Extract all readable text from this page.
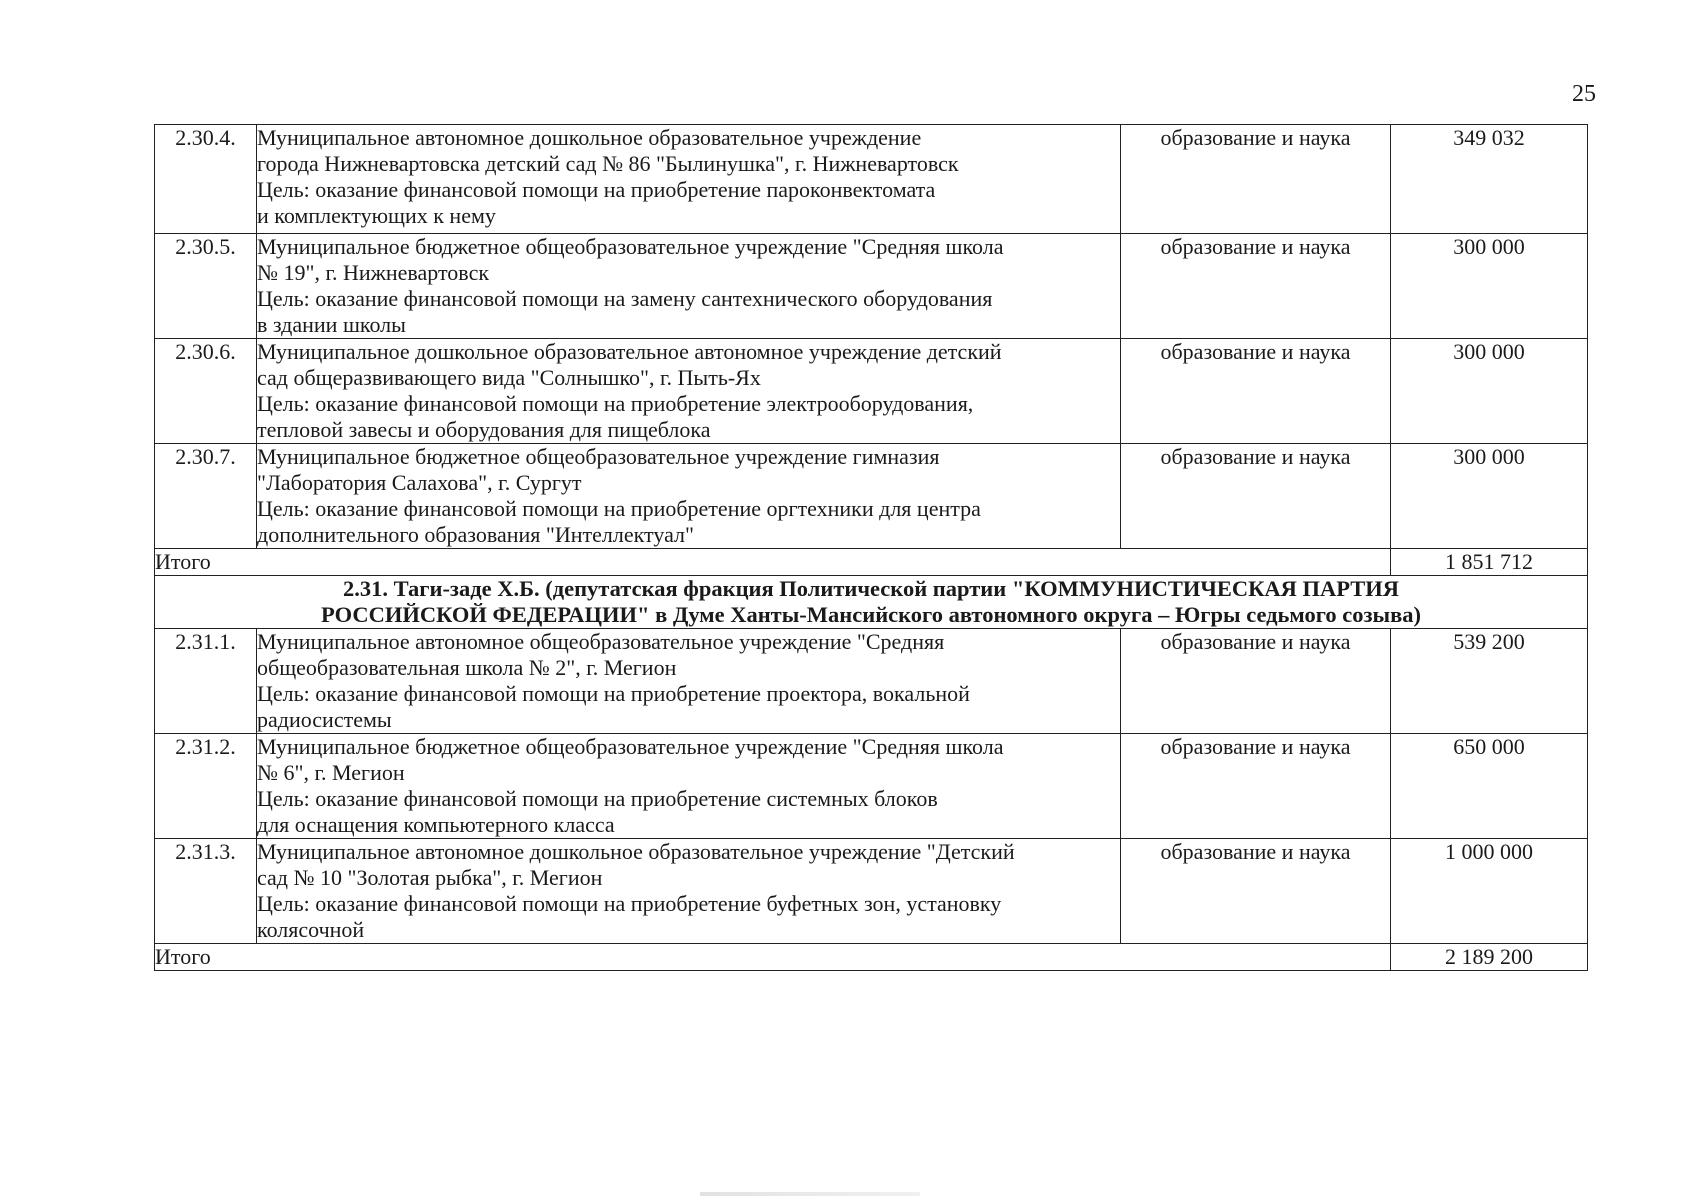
25
2.30.4.	Муниципальное автономное дошкольное образовательное учреждение
города Нижневартовска детский сад № 86 "Былинушка", г. Нижневартовск
Цель: оказание финансовой помощи на приобретение пароконвектомата
и комплектующих к нему	образование и наука	349 032
2.30.5.	Муниципальное бюджетное общеобразовательное учреждение "Средняя школа
№ 19", г. Нижневартовск
Цель: оказание финансовой помощи на замену сантехнического оборудования
в здании школы	образование и наука	300 000
2.30.6.	Муниципальное дошкольное образовательное автономное учреждение детский
сад общеразвивающего вида "Солнышко", г. Пыть-Ях
Цель: оказание финансовой помощи на приобретение электрооборудования,
тепловой завесы и оборудования для пищеблока	образование и наука	300 000
2.30.7.	Муниципальное бюджетное общеобразовательное учреждение гимназия
"Лаборатория Салахова", г. Сургут
Цель: оказание финансовой помощи на приобретение оргтехники для центра
дополнительного образования "Интеллектуал"	образование и наука	300 000
Итого			1 851 712

2.31. Таги-заде Х.Б. (депутатская фракция Политической партии "КОММУНИСТИЧЕСКАЯ ПАРТИЯ
РОССИЙСКОЙ ФЕДЕРАЦИИ" в Думе Ханты-Мансийского автономного округа – Югры седьмого созыва)			

2.31.1.	Муниципальное автономное общеобразовательное учреждение "Средняя
общеобразовательная школа № 2", г. Мегион
Цель: оказание финансовой помощи на приобретение проектора, вокальной
радиосистемы	образование и наука	539 200
2.31.2.	Муниципальное бюджетное общеобразовательное учреждение "Средняя школа
№ 6", г. Мегион
Цель: оказание финансовой помощи на приобретение системных блоков
для оснащения компьютерного класса	образование и наука	650 000
2.31.3.	Муниципальное автономное дошкольное образовательное учреждение "Детский
сад № 10 "Золотая рыбка", г. Мегион
Цель: оказание финансовой помощи на приобретение буфетных зон, установку
колясочной	образование и наука	1 000 000
Итого			2 189 200
